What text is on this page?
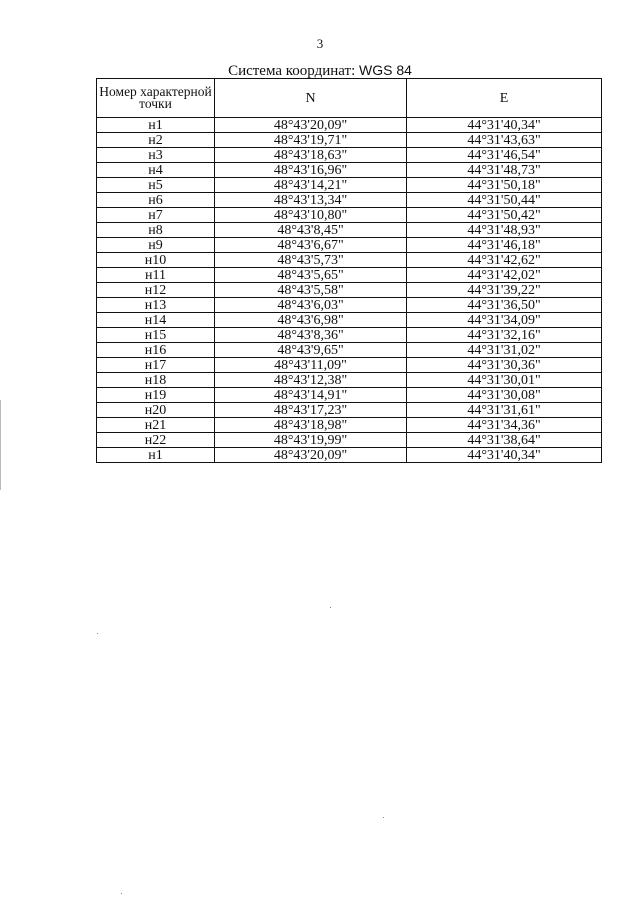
3
Система координат: WGS 84
Номер характерной точки	N	E
н1	48°43'20,09"	44°31'40,34"
н2	48°43'19,71"	44°31'43,63"
н3	48°43'18,63"	44°31'46,54"
н4	48°43'16,96"	44°31'48,73"
н5	48°43'14,21"	44°31'50,18"
н6	48°43'13,34"	44°31'50,44"
н7	48°43'10,80"	44°31'50,42"
н8	48°43'8,45"	44°31'48,93"
н9	48°43'6,67"	44°31'46,18"
н10	48°43'5,73"	44°31'42,62"
н11	48°43'5,65"	44°31'42,02"
н12	48°43'5,58"	44°31'39,22"
н13	48°43'6,03"	44°31'36,50"
н14	48°43'6,98"	44°31'34,09"
н15	48°43'8,36"	44°31'32,16"
н16	48°43'9,65"	44°31'31,02"
н17	48°43'11,09"	44°31'30,36"
н18	48°43'12,38"	44°31'30,01"
н19	48°43'14,91"	44°31'30,08"
н20	48°43'17,23"	44°31'31,61"
н21	48°43'18,98"	44°31'34,36"
н22	48°43'19,99"	44°31'38,64"
н1	48°43'20,09"	44°31'40,34"
